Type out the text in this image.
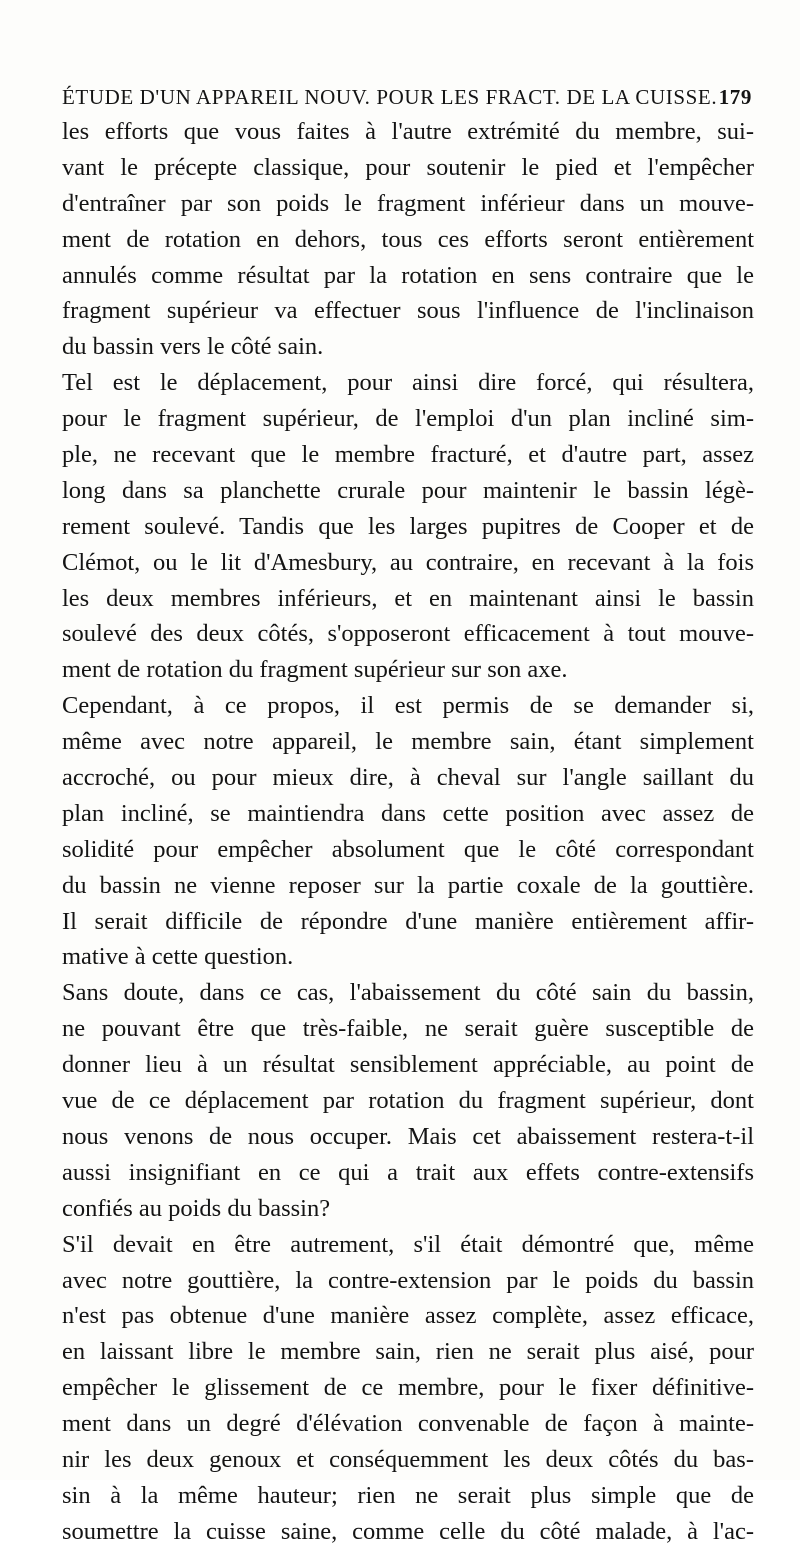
ÉTUDE D'UN APPAREIL NOUV. POUR LES FRACT. DE LA CUISSE. 179
les efforts que vous faites à l'autre extrémité du membre, sui-
vant le précepte classique, pour soutenir le pied et l'empêcher
d'entraîner par son poids le fragment inférieur dans un mouve-
ment de rotation en dehors, tous ces efforts seront entièrement
annulés comme résultat par la rotation en sens contraire que le
fragment supérieur va effectuer sous l'influence de l'inclinaison
du bassin vers le côté sain.
Tel est le déplacement, pour ainsi dire forcé, qui résultera,
pour le fragment supérieur, de l'emploi d'un plan incliné sim-
ple, ne recevant que le membre fracturé, et d'autre part, assez
long dans sa planchette crurale pour maintenir le bassin légè-
rement soulevé. Tandis que les larges pupitres de Cooper et de
Clémot, ou le lit d'Amesbury, au contraire, en recevant à la fois
les deux membres inférieurs, et en maintenant ainsi le bassin
soulevé des deux côtés, s'opposeront efficacement à tout mouve-
ment de rotation du fragment supérieur sur son axe.
Cependant, à ce propos, il est permis de se demander si,
même avec notre appareil, le membre sain, étant simplement
accroché, ou pour mieux dire, à cheval sur l'angle saillant du
plan incliné, se maintiendra dans cette position avec assez de
solidité pour empêcher absolument que le côté correspondant
du bassin ne vienne reposer sur la partie coxale de la gouttière.
Il serait difficile de répondre d'une manière entièrement affir-
mative à cette question.
Sans doute, dans ce cas, l'abaissement du côté sain du bassin,
ne pouvant être que très-faible, ne serait guère susceptible de
donner lieu à un résultat sensiblement appréciable, au point de
vue de ce déplacement par rotation du fragment supérieur, dont
nous venons de nous occuper. Mais cet abaissement restera-t-il
aussi insignifiant en ce qui a trait aux effets contre-extensifs
confiés au poids du bassin?
S'il devait en être autrement, s'il était démontré que, même
avec notre gouttière, la contre-extension par le poids du bassin
n'est pas obtenue d'une manière assez complète, assez efficace,
en laissant libre le membre sain, rien ne serait plus aisé, pour
empêcher le glissement de ce membre, pour le fixer définitive-
ment dans un degré d'élévation convenable de façon à mainte-
nir les deux genoux et conséquemment les deux côtés du bas-
sin à la même hauteur; rien ne serait plus simple que de
soumettre la cuisse saine, comme celle du côté malade, à l'ac-
